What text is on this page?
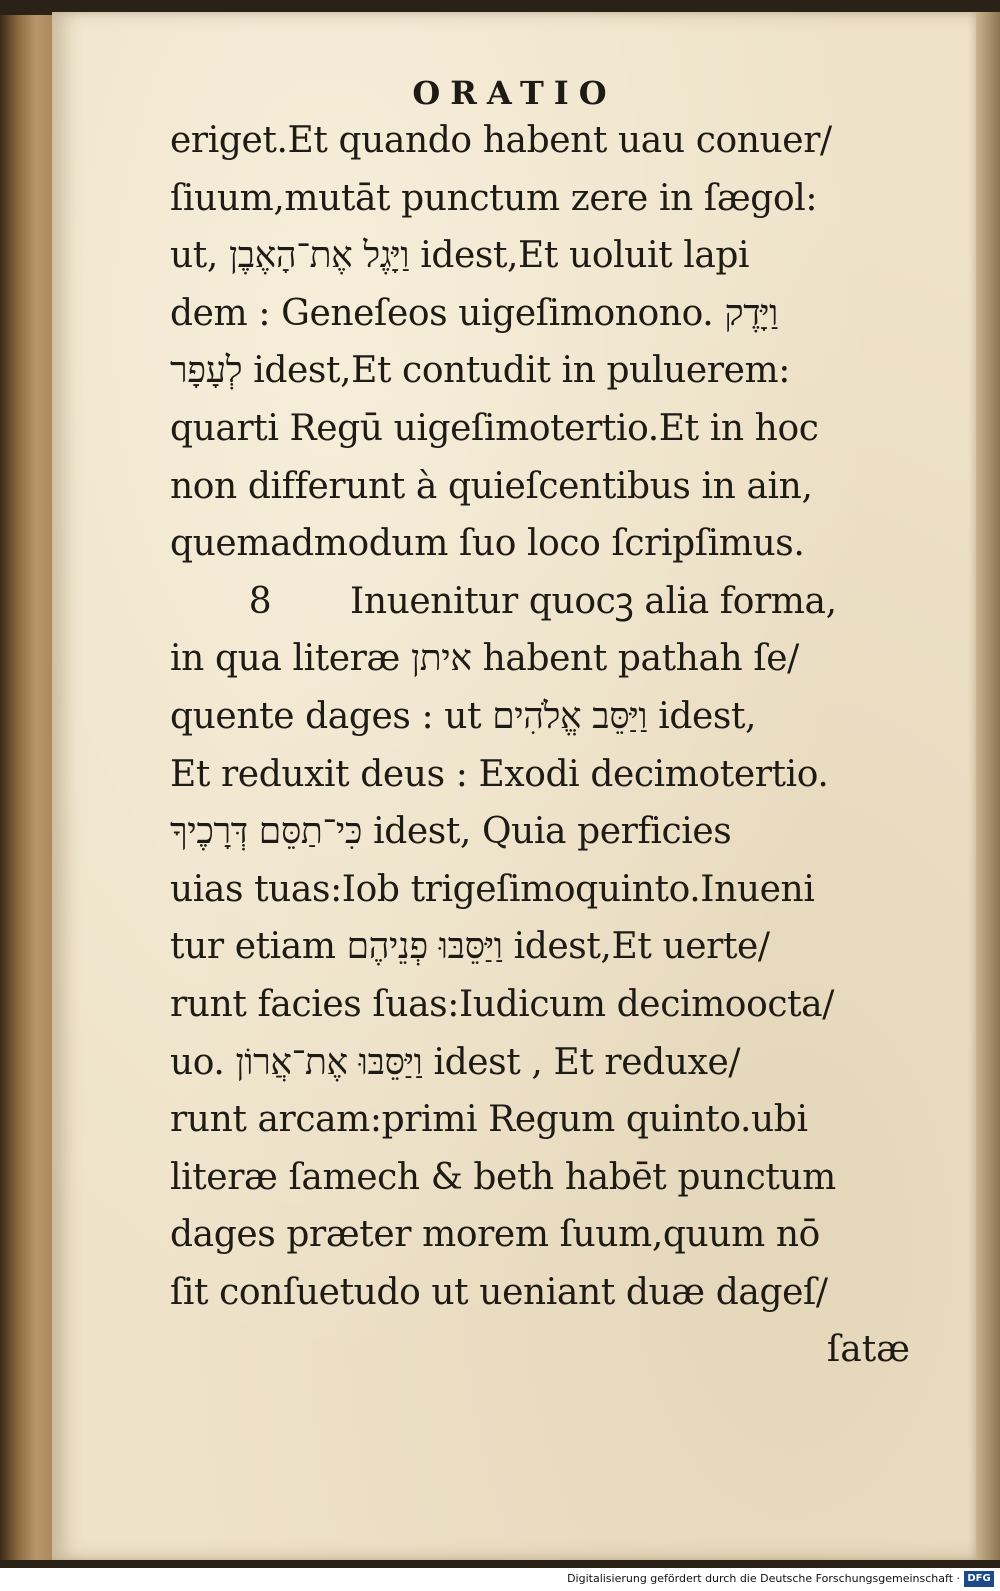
ORATIO
eriget.Et quando habent uau conuer/
ſiuum,mutāt punctum zere in ſægol:
ut, וַיָּגֶל אֶת־הָאֶבֶן idest,Et uoluit lapi
dem : Geneſeos uigeſimonono. וַיָּדֶק
לְעָפָר idest,Et contudit in puluerem:
quarti Regū uigeſimotertio.Et in hoc
non differunt à quieſcentibus in ain,
quemadmodum ſuo loco ſcripſimus.
8 Inuenitur quocꝫ alia forma,
in qua literæ איתן habent pathah ſe/
quente dages : ut וַיַּסֵּב אֱלֹהִים idest,
Et reduxit deus : Exodi decimotertio.
כִּי־תַסֵּם דְּרָכֶיךָ idest, Quia perficies
uias tuas:Iob trigeſimoquinto.Inueni
tur etiam וַיַּסֵּבּוּ פְנֵיהֶם idest,Et uerte/
runt facies ſuas:Iudicum decimoocta/
uo. וַיַּסֵּבּוּ אֶת־אֲרוֹן idest , Et reduxe/
runt arcam:primi Regum quinto.ubi
literæ ſamech & beth habēt punctum
dages præter morem ſuum,quum nō
ſit conſuetudo ut ueniant duæ dageſ/
ſatæ
Digitalisierung gefördert durch die Deutsche Forschungsgemeinschaft · DFG
